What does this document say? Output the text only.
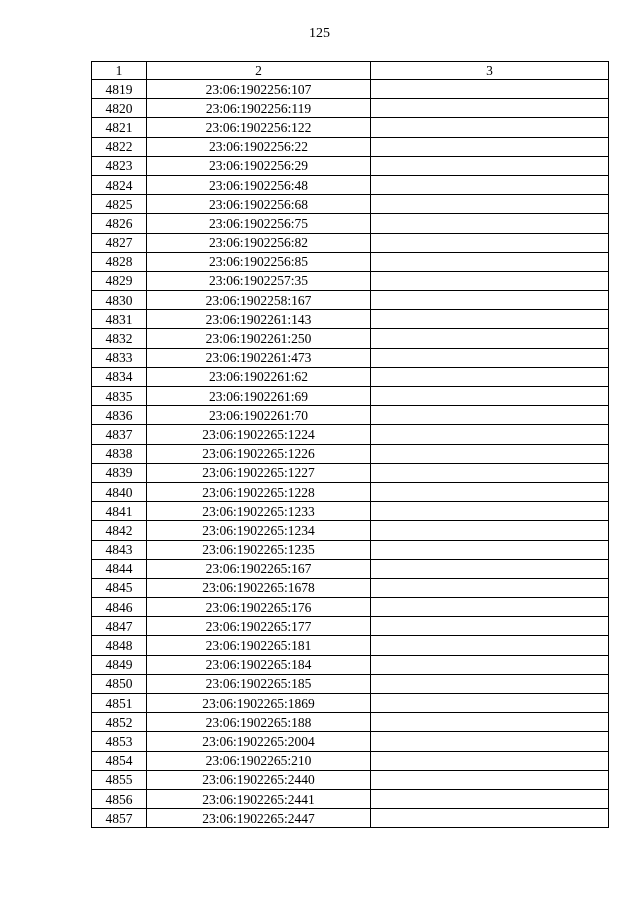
125
1	2	3
4819	23:06:1902256:107	
4820	23:06:1902256:119	
4821	23:06:1902256:122	
4822	23:06:1902256:22	
4823	23:06:1902256:29	
4824	23:06:1902256:48	
4825	23:06:1902256:68	
4826	23:06:1902256:75	
4827	23:06:1902256:82	
4828	23:06:1902256:85	
4829	23:06:1902257:35	
4830	23:06:1902258:167	
4831	23:06:1902261:143	
4832	23:06:1902261:250	
4833	23:06:1902261:473	
4834	23:06:1902261:62	
4835	23:06:1902261:69	
4836	23:06:1902261:70	
4837	23:06:1902265:1224	
4838	23:06:1902265:1226	
4839	23:06:1902265:1227	
4840	23:06:1902265:1228	
4841	23:06:1902265:1233	
4842	23:06:1902265:1234	
4843	23:06:1902265:1235	
4844	23:06:1902265:167	
4845	23:06:1902265:1678	
4846	23:06:1902265:176	
4847	23:06:1902265:177	
4848	23:06:1902265:181	
4849	23:06:1902265:184	
4850	23:06:1902265:185	
4851	23:06:1902265:1869	
4852	23:06:1902265:188	
4853	23:06:1902265:2004	
4854	23:06:1902265:210	
4855	23:06:1902265:2440	
4856	23:06:1902265:2441	
4857	23:06:1902265:2447	
